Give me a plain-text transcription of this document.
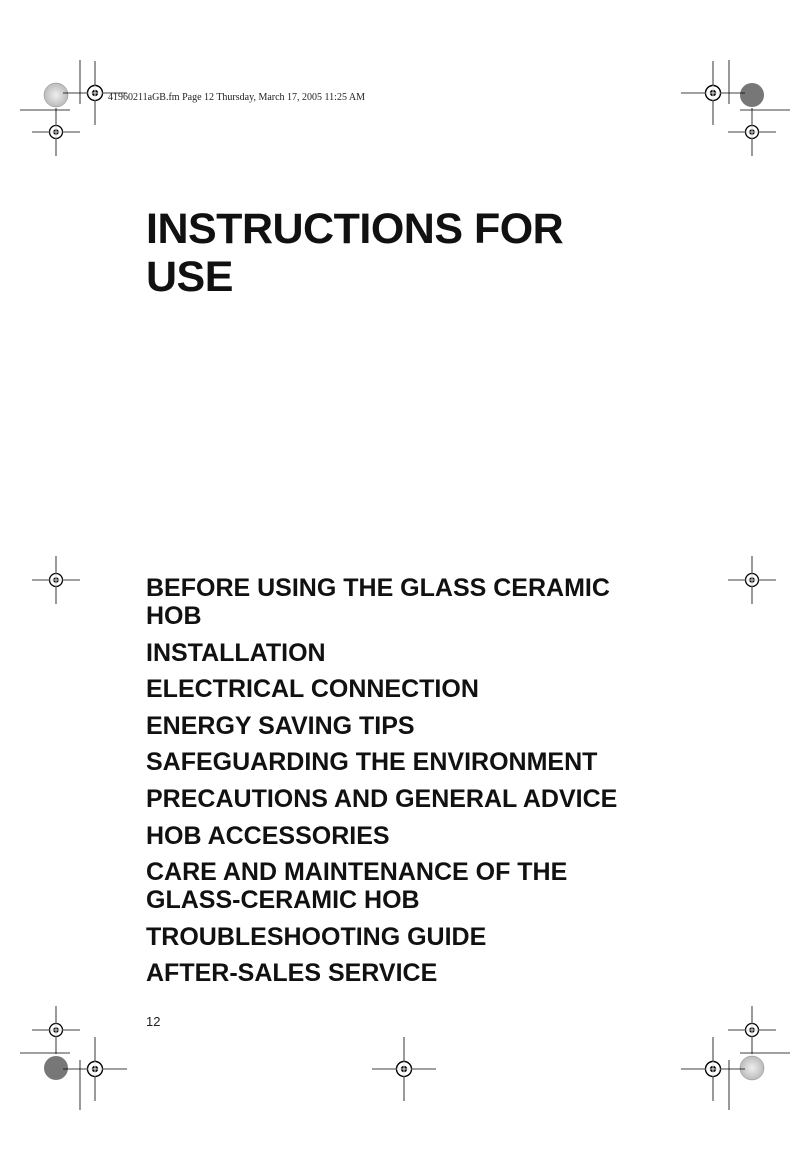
41960211aGB.fm Page 12 Thursday, March 17, 2005 11:25 AM
INSTRUCTIONS FOR
USE
BEFORE USING THE GLASS CERAMIC
HOB
INSTALLATION
ELECTRICAL CONNECTION
ENERGY SAVING TIPS
SAFEGUARDING THE ENVIRONMENT
PRECAUTIONS AND GENERAL ADVICE
HOB ACCESSORIES
CARE AND MAINTENANCE OF THE
GLASS-CERAMIC HOB
TROUBLESHOOTING GUIDE
AFTER-SALES SERVICE
12
